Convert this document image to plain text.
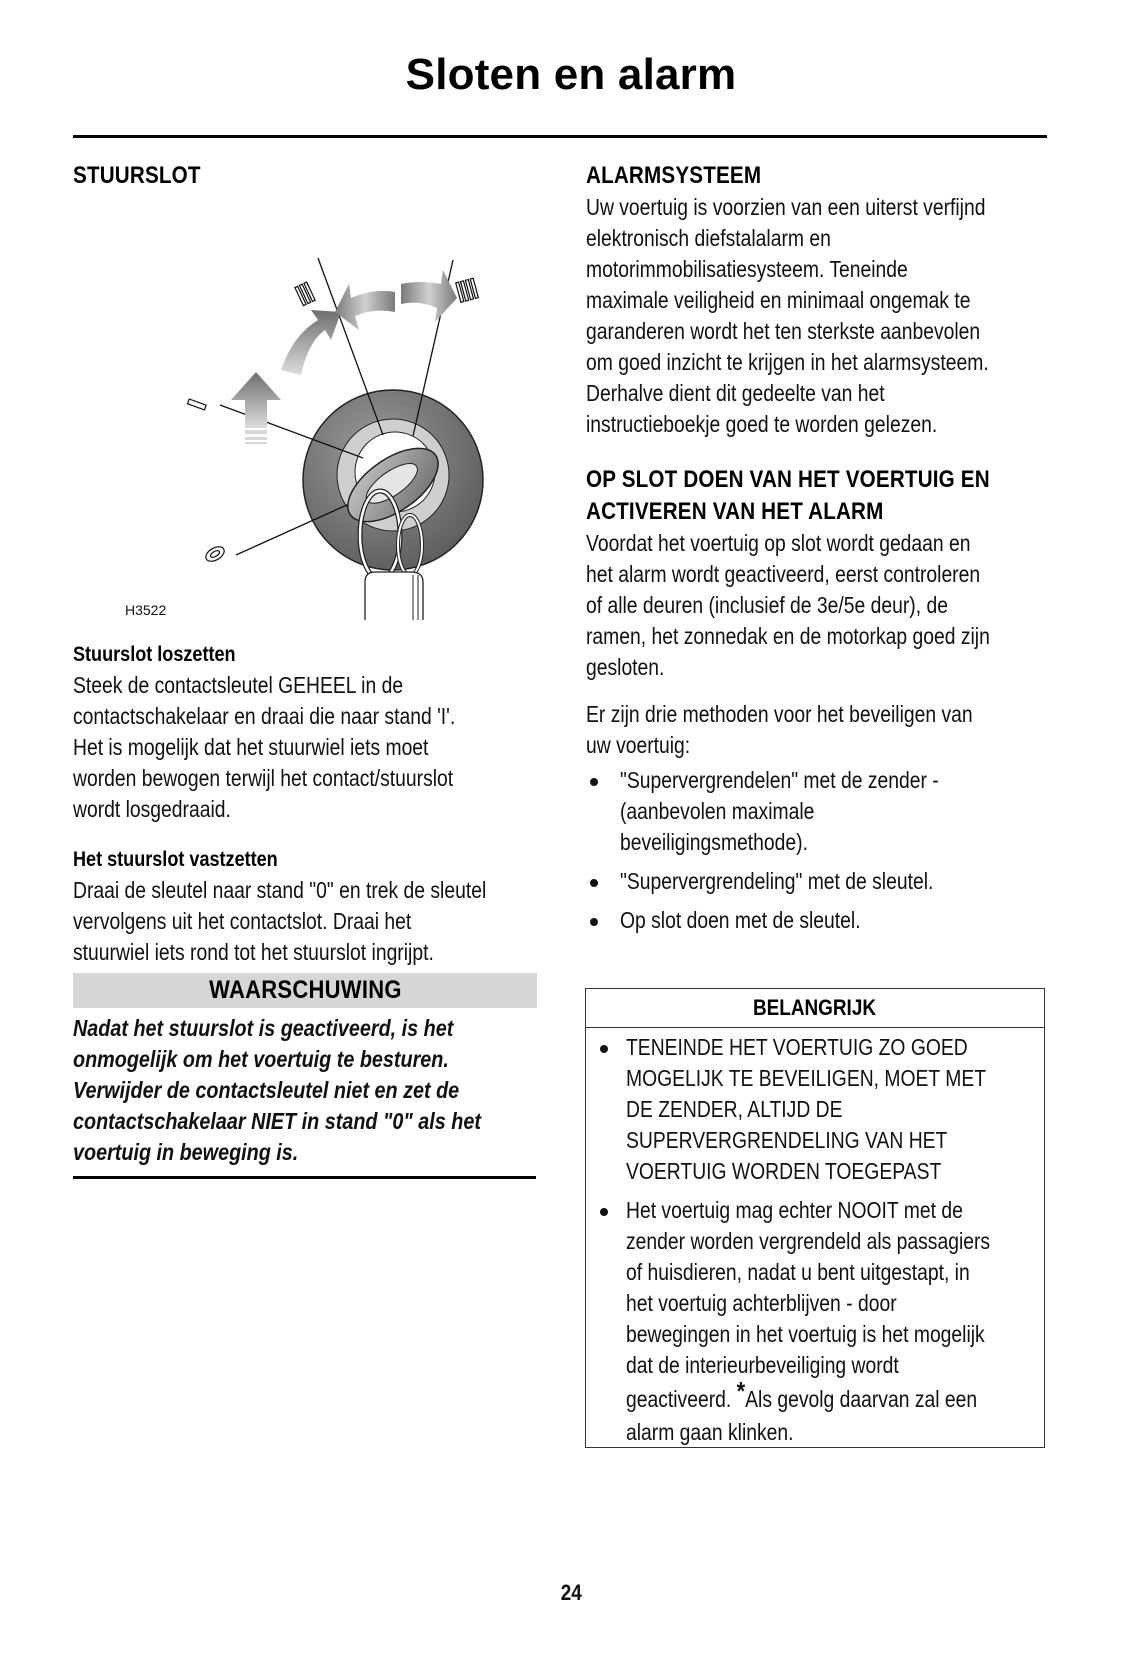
Sloten en alarm
STUURSLOT
H3522
Stuurslot loszetten
Steek de contactsleutel GEHEEL in de
contactschakelaar en draai die naar stand 'I'.
Het is mogelijk dat het stuurwiel iets moet
worden bewogen terwijl het contact/stuurslot
wordt losgedraaid.
Het stuurslot vastzetten
Draai de sleutel naar stand "0" en trek de sleutel
vervolgens uit het contactslot. Draai het
stuurwiel iets rond tot het stuurslot ingrijpt.
WAARSCHUWING
Nadat het stuurslot is geactiveerd, is het
onmogelijk om het voertuig te besturen.
Verwijder de contactsleutel niet en zet de
contactschakelaar NIET in stand "0" als het
voertuig in beweging is.
ALARMSYSTEEM
Uw voertuig is voorzien van een uiterst verfijnd
elektronisch diefstalalarm en
motorimmobilisatiesysteem. Teneinde
maximale veiligheid en minimaal ongemak te
garanderen wordt het ten sterkste aanbevolen
om goed inzicht te krijgen in het alarmsysteem.
Derhalve dient dit gedeelte van het
instructieboekje goed te worden gelezen.
OP SLOT DOEN VAN HET VOERTUIG EN
ACTIVEREN VAN HET ALARM
Voordat het voertuig op slot wordt gedaan en
het alarm wordt geactiveerd, eerst controleren
of alle deuren (inclusief de 3e/5e deur), de
ramen, het zonnedak en de motorkap goed zijn
gesloten.
Er zijn drie methoden voor het beveiligen van
uw voertuig:
"Supervergrendelen" met de zender -
(aanbevolen maximale
beveiligingsmethode).
"Supervergrendeling" met de sleutel.
Op slot doen met de sleutel.
BELANGRIJK
TENEINDE HET VOERTUIG ZO GOED
MOGELIJK TE BEVEILIGEN, MOET MET
DE ZENDER, ALTIJD DE
SUPERVERGRENDELING VAN HET
VOERTUIG WORDEN TOEGEPAST
Het voertuig mag echter NOOIT met de
zender worden vergrendeld als passagiers
of huisdieren, nadat u bent uitgestapt, in
het voertuig achterblijven - door
bewegingen in het voertuig is het mogelijk
dat de interieurbeveiliging wordt
geactiveerd. *Als gevolg daarvan zal een
alarm gaan klinken.
24
